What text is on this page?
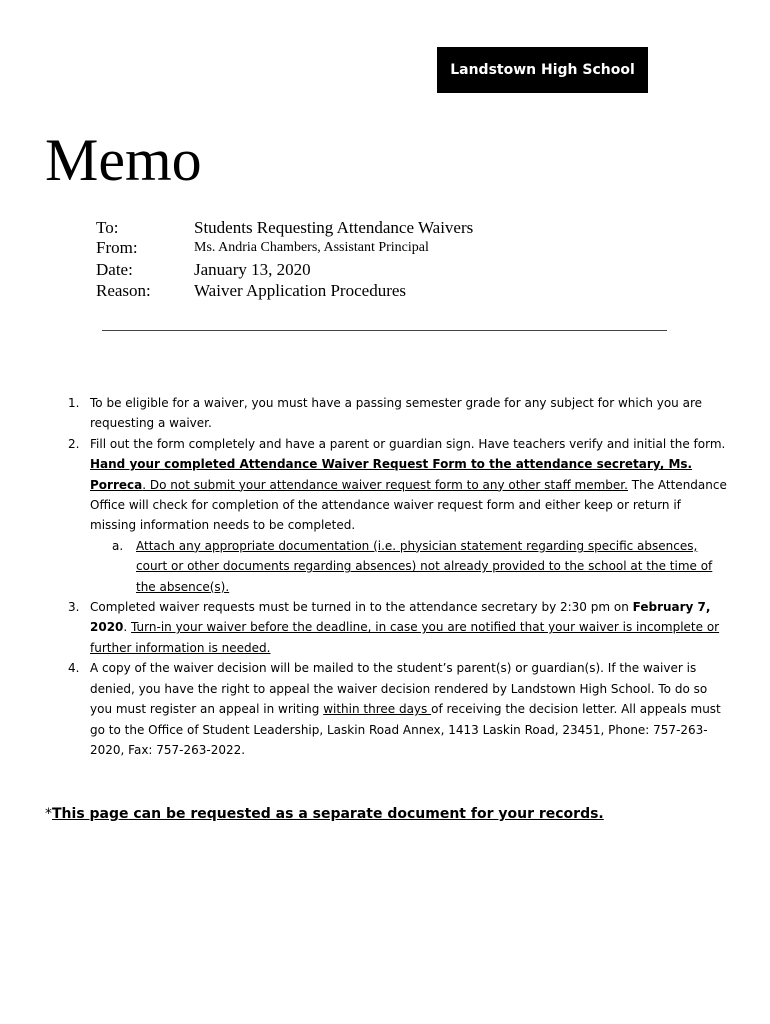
Landstown High School
Memo
To:	Students Requesting Attendance Waivers
From:	Ms. Andria Chambers, Assistant Principal
Date:	January 13, 2020
Reason:	Waiver Application Procedures
1. To be eligible for a waiver, you must have a passing semester grade for any subject for which you are requesting a waiver.
2. Fill out the form completely and have a parent or guardian sign. Have teachers verify and initial the form. Hand your completed Attendance Waiver Request Form to the attendance secretary, Ms. Porreca. Do not submit your attendance waiver request form to any other staff member. The Attendance Office will check for completion of the attendance waiver request form and either keep or return if missing information needs to be completed.
a. Attach any appropriate documentation (i.e. physician statement regarding specific absences, court or other documents regarding absences) not already provided to the school at the time of the absence(s).
3. Completed waiver requests must be turned in to the attendance secretary by 2:30 pm on February 7, 2020. Turn-in your waiver before the deadline, in case you are notified that your waiver is incomplete or further information is needed.
4. A copy of the waiver decision will be mailed to the student’s parent(s) or guardian(s). If the waiver is denied, you have the right to appeal the waiver decision rendered by Landstown High School. To do so you must register an appeal in writing within three days of receiving the decision letter. All appeals must go to the Office of Student Leadership, Laskin Road Annex, 1413 Laskin Road, 23451, Phone: 757-263-2020, Fax: 757-263-2022.
*This page can be requested as a separate document for your records.
